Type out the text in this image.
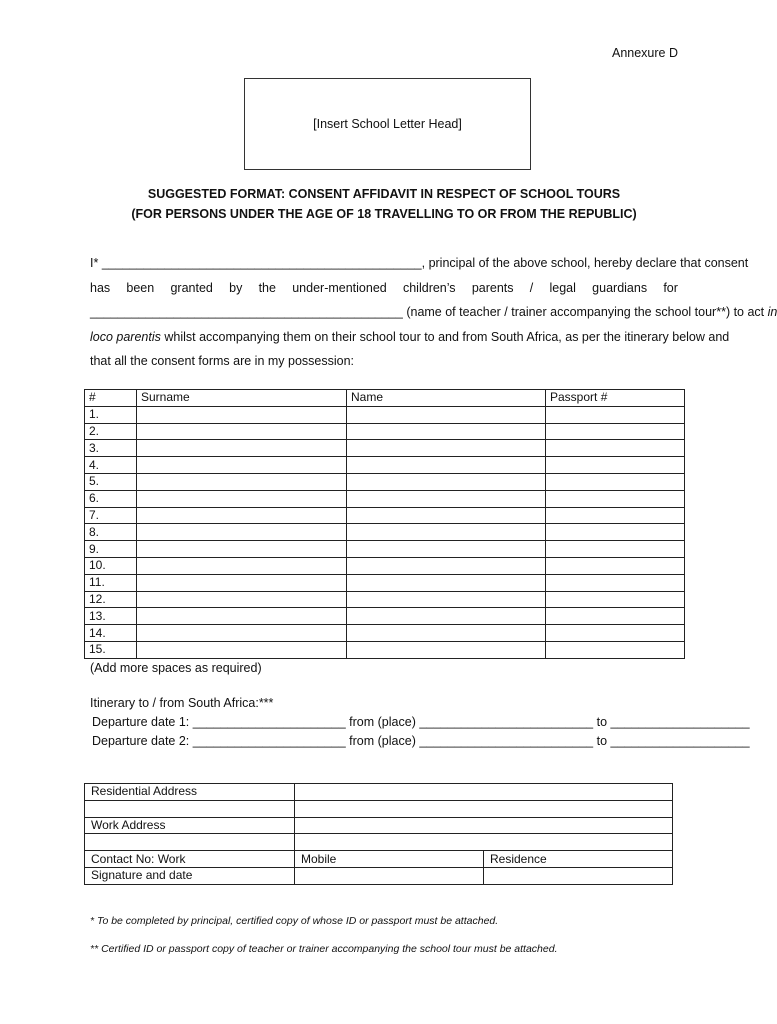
Annexure D
[Insert School Letter Head]
SUGGESTED FORMAT: CONSENT AFFIDAVIT IN RESPECT OF SCHOOL TOURS
(FOR PERSONS UNDER THE AGE OF 18 TRAVELLING TO OR FROM THE REPUBLIC)
I* ______________________________________________, principal of the above school, hereby declare that consent
has been granted by the under-mentioned children’s parents / legal guardians for
_____________________________________________ (name of teacher / trainer accompanying the school tour**) to act in
loco parentis whilst accompanying them on their school tour to and from South Africa, as per the itinerary below and
that all the consent forms are in my possession:
#	Surname	Name	Passport #
1.			
2.			
3.			
4.			
5.			
6.			
7.			
8.			
9.			
10.			
11.			
12.			
13.			
14.			
15.			
(Add more spaces as required)
Itinerary to / from South Africa:***
Departure date 1: ______________________ from (place) _________________________ to ____________________
Departure date 2: ______________________ from (place) _________________________ to ____________________
Residential Address		

Work Address		

Contact No: Work	Mobile	Residence
Signature and date		
* To be completed by principal, certified copy of whose ID or passport must be attached.
** Certified ID or passport copy of teacher or trainer accompanying the school tour must be attached.
